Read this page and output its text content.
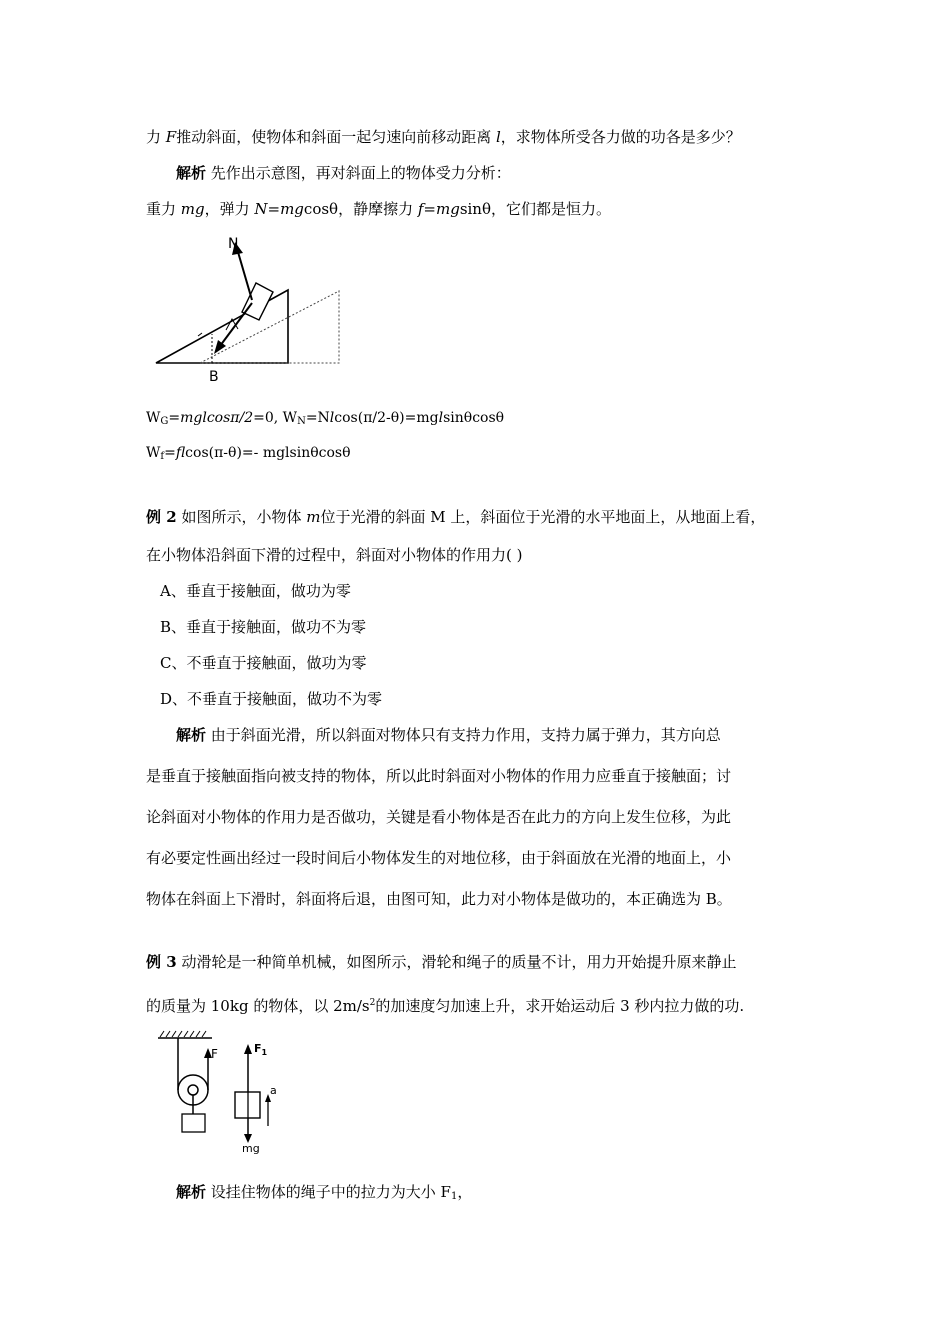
力 F推动斜面，使物体和斜面一起匀速向前移动距离 l，求物体所受各力做的功各是多少？
解析 先作出示意图，再对斜面上的物体受力分析：
重力 mg，弹力 N=mgcosθ，静摩擦力 f=mgsinθ，它们都是恒力。
N
B
$W_G=mglcos\pi/2=0$, $W_N=Nlcos(\pi/2-\theta)=mglsin\theta\cos\theta$
$W_f=flcos(\pi-\theta)=-$ mglsinθcosθ
例 2 如图所示，小物体 m位于光滑的斜面 M 上，斜面位于光滑的水平地面上，从地面上看，
在小物体沿斜面下滑的过程中，斜面对小物体的作用力( )
A、垂直于接触面，做功为零
B、垂直于接触面，做功不为零
C、不垂直于接触面，做功为零
D、不垂直于接触面，做功不为零
解析 由于斜面光滑，所以斜面对物体只有支持力作用，支持力属于弹力，其方向总
是垂直于接触面指向被支持的物体，所以此时斜面对小物体的作用力应垂直于接触面；讨
论斜面对小物体的作用力是否做功，关键是看小物体是否在此力的方向上发生位移，为此
有必要定性画出经过一段时间后小物体发生的对地位移，由于斜面放在光滑的地面上，小
物体在斜面上下滑时，斜面将后退，由图可知，此力对小物体是做功的，本正确选为 B。
例 3 动滑轮是一种简单机械，如图所示，滑轮和绳子的质量不计，用力开始提升原来静止
的质量为 10kg 的物体，以 $2m/s^2$的加速度匀加速上升，求开始运动后 3 秒内拉力做的功.
F	$F_1$
mg
a
解析 设挂住物体的绳子中的拉力为大小 $F_1$，
